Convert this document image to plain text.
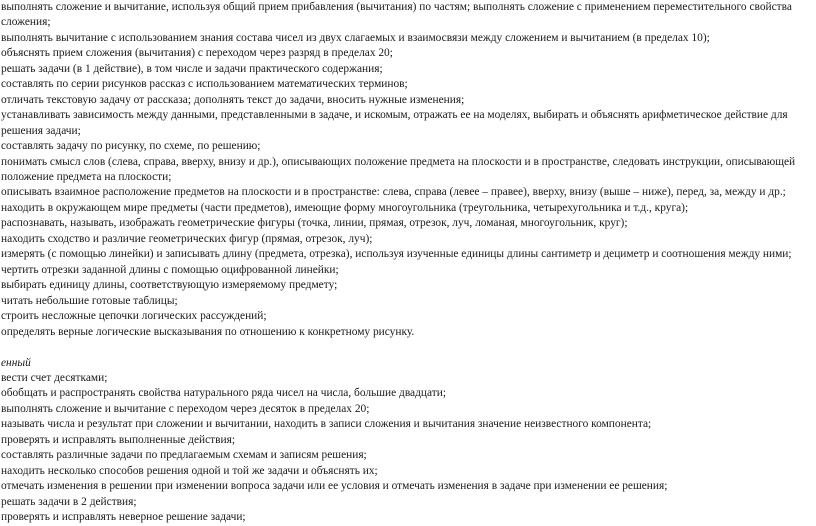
выполнять сложение и вычитание, используя общий прием прибавления (вычитания) по частям; выполнять сложение с применением переместительного свойства сложения;

выполнять вычитание с использованием знания состава чисел из двух слагаемых и взаимосвязи между сложением и вычитанием (в пределах 10);

объяснять прием сложения (вычитания) с переходом через разряд в пределах 20;

решать задачи (в 1 действие), в том числе и задачи практического содержания;

составлять по серии рисунков рассказ с использованием математических терминов;

отличать текстовую задачу от рассказа; дополнять текст до задачи, вносить нужные изменения;

устанавливать зависимость между данными, представленными в задаче, и искомым, отражать ее на моделях, выбирать и объяснять арифметическое действие для решения задачи;

составлять задачу по рисунку, по схеме, по решению;

понимать смысл слов (слева, справа, вверху, внизу и др.), описывающих положение предмета на плоскости и в пространстве, следовать инструкции, описывающей положение предмета на плоскости;

описывать взаимное расположение предметов на плоскости и в пространстве: слева, справа (левее – правее), вверху, внизу (выше – ниже), перед, за, между и др.;

находить в окружающем мире предметы (части предметов), имеющие форму многоугольника (треугольника, четырехугольника и т.д., круга);

распознавать, называть, изображать геометрические фигуры (точка, линии, прямая, отрезок, луч, ломаная, многоугольник, круг);

находить сходство и различие геометрических фигур (прямая, отрезок, луч);

измерять (с помощью линейки) и записывать длину (предмета, отрезка), используя изученные единицы длины сантиметр и дециметр и соотношения между ними;

чертить отрезки заданной длины с помощью оцифрованной линейки;

выбирать единицу длины, соответствующую измеряемому предмету;

читать небольшие готовые таблицы;

строить несложные цепочки логических рассуждений;

определять верные логические высказывания по отношению к конкретному рисунку.

енный

вести счет десятками;

обобщать и распространять свойства натурального ряда чисел на числа, большие двадцати;

выполнять сложение и вычитание с переходом через десяток в пределах 20;

называть числа и результат при сложении и вычитании, находить в записи сложения и вычитания значение неизвестного компонента;

проверять и исправлять выполненные действия;

составлять различные задачи по предлагаемым схемам и записям решения;

находить несколько способов решения одной и той же задачи и объяснять их;

отмечать изменения в решении при изменении вопроса задачи или ее условия и отмечать изменения в задаче при изменении ее решения;

решать задачи в 2 действия;

проверять и исправлять неверное решение задачи;
